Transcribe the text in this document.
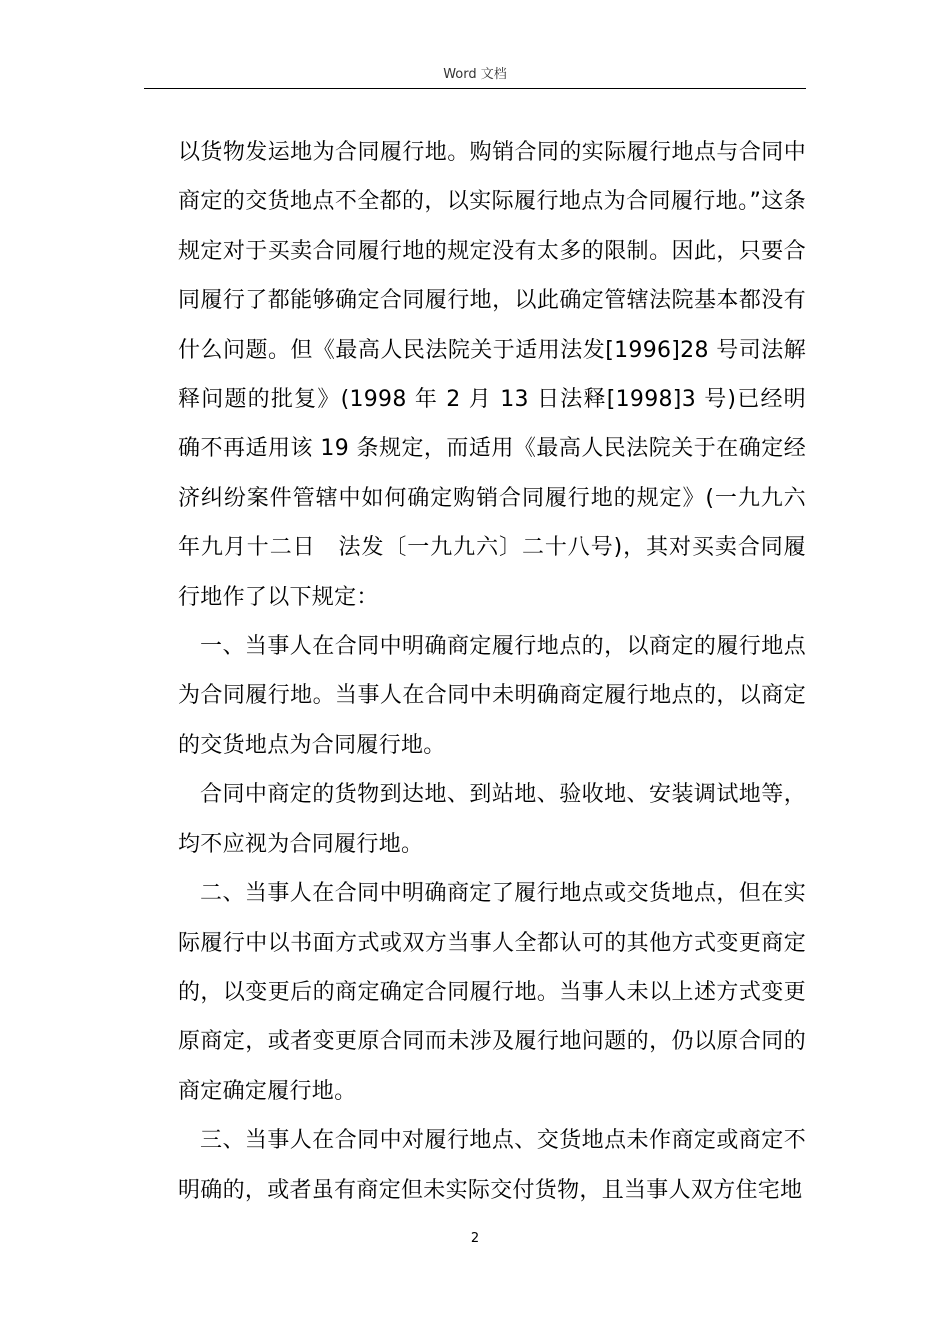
Word 文档

以货物发运地为合同履行地。购销合同的实际履行地点与合同中商定的交货地点不全都的，以实际履行地点为合同履行地。”这条规定对于买卖合同履行地的规定没有太多的限制。因此，只要合同履行了都能够确定合同履行地，以此确定管辖法院基本都没有什么问题。但《最高人民法院关于适用法发[1996]28 号司法解释问题的批复》(1998 年 2 月 13 日法释[1998]3 号)已经明确不再适用该 19 条规定，而适用《最高人民法院关于在确定经济纠纷案件管辖中如何确定购销合同履行地的规定》(一九九六年九月十二日　法发〔一九九六〕二十八号)，其对买卖合同履行地作了以下规定：

一、当事人在合同中明确商定履行地点的，以商定的履行地点为合同履行地。当事人在合同中未明确商定履行地点的，以商定的交货地点为合同履行地。

合同中商定的货物到达地、到站地、验收地、安装调试地等，均不应视为合同履行地。

二、当事人在合同中明确商定了履行地点或交货地点，但在实际履行中以书面方式或双方当事人全都认可的其他方式变更商定的，以变更后的商定确定合同履行地。当事人未以上述方式变更原商定，或者变更原合同而未涉及履行地问题的，仍以原合同的商定确定履行地。

三、当事人在合同中对履行地点、交货地点未作商定或商定不明确的，或者虽有商定但未实际交付货物，且当事人双方住宅地

2
